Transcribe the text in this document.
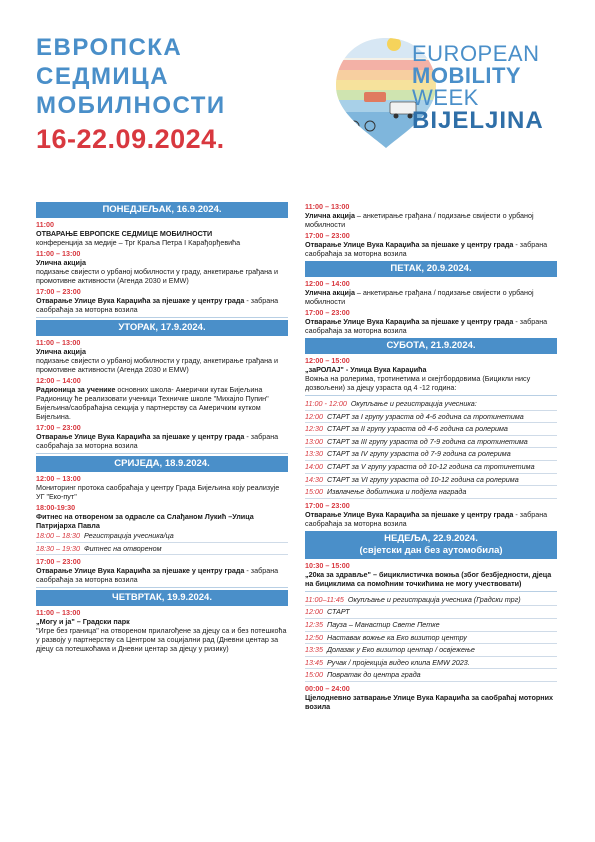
ЕВРОПСКА
СЕДМИЦА
МОБИЛНОСТИ
16-22.09.2024.
EUROPEAN
MOBILITY
WEEK
BIJELJINA
ПОНЕДЈЕЉАК, 16.9.2024.
11:00
ОТВАРАЊЕ ЕВРОПСКЕ СЕДМИЦЕ МОБИЛНОСТИ
конференција за медије – Трг Краља Петра I Карађорђевића
11:00 – 13:00
Улична акција
подизање свијести о урбаној мобилности у граду, анкетирање грађана и промотивне активности (Агенда 2030 и ЕМW)
17:00 – 23:00
Отварање Улице Вука Караџића за пјешаке у центру града - забрана саобраћаја за моторна возила
УТОРАК, 17.9.2024.
11:00 – 13:00
Улична акција
подизање свијести о урбаној мобилности у граду, анкетирање грађана и промотивне активности (Агенда 2030 и ЕМW)
12:00 – 14:00
Радионица за ученике основних школа- Амерички кутак Бијељина
Радионицу ће реализовати ученици Техничке школе "Михајло Пупин"
Бијељина/саобраћајна секција у партнерству са Америчким кутком Бијељина.
17:00 – 23:00
Отварање Улице Вука Караџића за пјешаке у центру града - забрана саобраћаја за моторна возила
СРИЈЕДА, 18.9.2024.
12:00 – 13:00
Мониторинг протока саобраћаја у центру Града Бијељина коју реализује УГ "Еко-пут"
18:00-19:30
Фитнес на отвореном за одрасле са Слађаном Лукић –Улица Патријарха Павла
18:00 – 18:30 Регистрација учесника/ца
18:30 – 19:30 Фитнес на отвореном
17:00 – 23:00
Отварање Улице Вука Караџића за пјешаке у центру града - забрана саобраћаја за моторна возила
ЧЕТВРТАК, 19.9.2024.
11:00 – 13:00
„Могу и ја" – Градски парк
"Игре без граница" на отвореном прилагођене за дјецу са и без потешкоћа у развоју у партнерству са Центром за социјални рад (Дневни центар за дјецу са потешкоћама и Дневни центар за дјецу у ризику)
11:00 – 13:00
Улична акција – анкетирање грађана / подизање свијести о урбаној мобилности
17:00 – 23:00
Отварање Улице Вука Караџића за пјешаке у центру града - забрана саобраћаја за моторна возила
ПЕТАК, 20.9.2024.
12:00 – 14:00
Улична акција – анкетирање грађана / подизање свијести о урбаној мобилности
17:00 – 23:00
Отварање Улице Вука Караџића за пјешаке у центру града - забрана саобраћаја за моторна возила
СУБОТА, 21.9.2024.
12:00 – 15:00
„заРОЛАЈ" - Улица Вука Караџића
Вожња на ролерима, тротинетима и скејтбордовима (Бицикли нису дозвољени) за дјецу узраста од 4 -12 година:
11:00 - 12:00 Окупљање и регистрација учесника:
12:00 СТАРТ за I групу узраста од 4-6 година са тротинетима
12:30 СТАРТ за II групу узраста од 4-6 година са ролерима
13:00 СТАРТ за III групу узраста од 7-9 година са тротинетима
13:30 СТАРТ за IV групу узраста од 7-9 година са ролерима
14:00 СТАРТ за V групу узраста од 10-12 година са тротинетима
14:30 СТАРТ за VI групу узраста од 10-12 година са ролерима
15:00 Извлачење добитника и подјела награда
17:00 – 23:00
Отварање Улице Вука Караџића за пјешаке у центру града - забрана саобраћаја за моторна возила
НЕДЕЉА, 22.9.2024.
(свјетски дан без аутомобила)
10:30 – 15:00
„20ка за здравље" – бициклистичка вожња (због безбједности, дјеца на бициклима са помоћним точкићима не могу учествовати)
11:00–11:45 Окупљање и регистрација учесника (Градски трг)
12:00 СТАРТ
12:35 Пауза – Манастир Свете Петке
12:50 Наставак вожње ка Еко визитор центру
13:35 Долазак у Еко визитор центар / освјежење
13:45 Ручак / пројекција видео клипа EMW 2023.
15:00 Повратак до центра града
00:00 – 24:00
Цјелодневно затварање Улице Вука Караџића за саобраћај моторних возила
